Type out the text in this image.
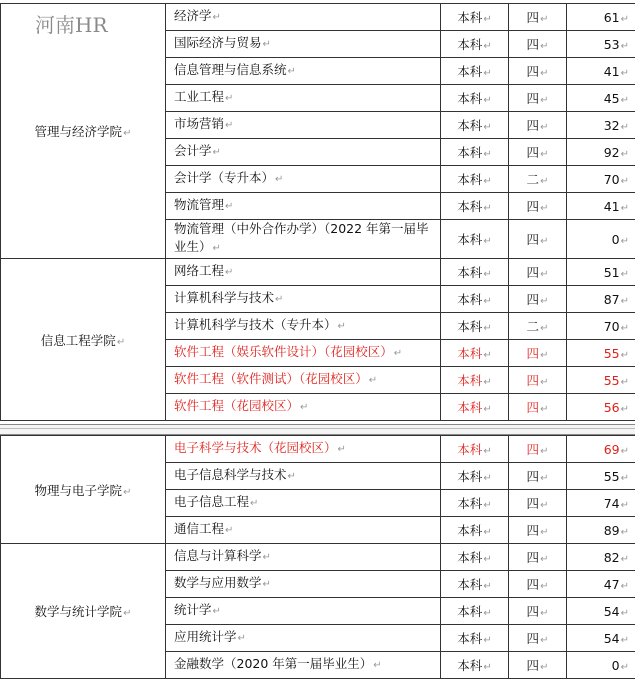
河南HR
管理与经济学院↵	经济学↵	本科↵	四↵	61↵
	国际经济与贸易↵	本科↵	四↵	53↵
	信息管理与信息系统↵	本科↵	四↵	41↵
	工业工程↵	本科↵	四↵	45↵
	市场营销↵	本科↵	四↵	32↵
	会计学↵	本科↵	四↵	92↵
	会计学（专升本）↵	本科↵	二↵	70↵
	物流管理↵	本科↵	四↵	41↵
	物流管理（中外合作办学）（2022 年第一届毕业生）↵	本科↵	四↵	0↵
信息工程学院↵	网络工程↵	本科↵	四↵	51↵
	计算机科学与技术↵	本科↵	四↵	87↵
	计算机科学与技术（专升本）↵	本科↵	二↵	70↵
	软件工程（娱乐软件设计）（花园校区）↵	本科↵	四↵	55↵
	软件工程（软件测试）（花园校区）↵	本科↵	四↵	55↵
	软件工程（花园校区）↵	本科↵	四↵	56↵
物理与电子学院↵	电子科学与技术（花园校区）↵	本科↵	四↵	69↵
	电子信息科学与技术↵	本科↵	四↵	55↵
	电子信息工程↵	本科↵	四↵	74↵
	通信工程↵	本科↵	四↵	89↵
数学与统计学院↵	信息与计算科学↵	本科↵	四↵	82↵
	数学与应用数学↵	本科↵	四↵	47↵
	统计学↵	本科↵	四↵	54↵
	应用统计学↵	本科↵	四↵	54↵
	金融数学（2020 年第一届毕业生）↵	本科↵	四↵	0↵
